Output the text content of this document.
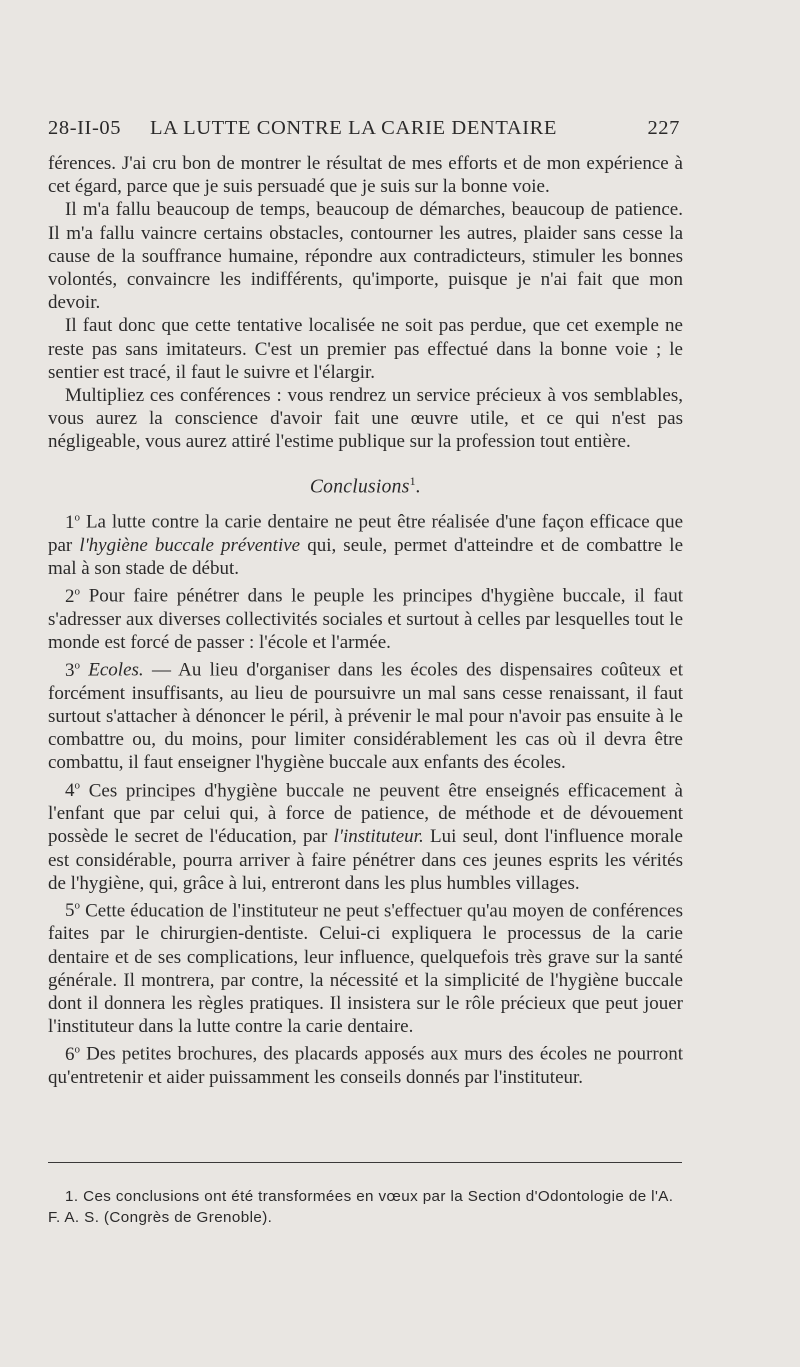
28-II-05 LA LUTTE CONTRE LA CARIE DENTAIRE	227

férences. J'ai cru bon de montrer le résultat de mes efforts et de mon expérience à cet égard, parce que je suis persuadé que je suis sur la bonne voie.

Il m'a fallu beaucoup de temps, beaucoup de démarches, beaucoup de patience. Il m'a fallu vaincre certains obstacles, contourner les autres, plaider sans cesse la cause de la souffrance humaine, répondre aux contradicteurs, stimuler les bonnes volontés, convaincre les indifférents, qu'importe, puisque je n'ai fait que mon devoir.

Il faut donc que cette tentative localisée ne soit pas perdue, que cet exemple ne reste pas sans imitateurs. C'est un premier pas effectué dans la bonne voie ; le sentier est tracé, il faut le suivre et l'élargir.

Multipliez ces conférences : vous rendrez un service précieux à vos semblables, vous aurez la conscience d'avoir fait une œuvre utile, et ce qui n'est pas négligeable, vous aurez attiré l'estime publique sur la profession tout entière.

Conclusions$^1$.

1$^o$ La lutte contre la carie dentaire ne peut être réalisée d'une façon efficace que par l'hygiène buccale préventive qui, seule, permet d'atteindre et de combattre le mal à son stade de début.

2$^o$ Pour faire pénétrer dans le peuple les principes d'hygiène buccale, il faut s'adresser aux diverses collectivités sociales et surtout à celles par lesquelles tout le monde est forcé de passer : l'école et l'armée.

3$^o$ Ecoles. — Au lieu d'organiser dans les écoles des dispensaires coûteux et forcément insuffisants, au lieu de poursuivre un mal sans cesse renaissant, il faut surtout s'attacher à dénoncer le péril, à prévenir le mal pour n'avoir pas ensuite à le combattre ou, du moins, pour limiter considérablement les cas où il devra être combattu, il faut enseigner l'hygiène buccale aux enfants des écoles.

4$^o$ Ces principes d'hygiène buccale ne peuvent être enseignés efficacement à l'enfant que par celui qui, à force de patience, de méthode et de dévouement possède le secret de l'éducation, par l'instituteur. Lui seul, dont l'influence morale est considérable, pourra arriver à faire pénétrer dans ces jeunes esprits les vérités de l'hygiène, qui, grâce à lui, entreront dans les plus humbles villages.

5$^o$ Cette éducation de l'instituteur ne peut s'effectuer qu'au moyen de conférences faites par le chirurgien-dentiste. Celui-ci expliquera le processus de la carie dentaire et de ses complications, leur influence, quelquefois très grave sur la santé générale. Il montrera, par contre, la nécessité et la simplicité de l'hygiène buccale dont il donnera les règles pratiques. Il insistera sur le rôle précieux que peut jouer l'instituteur dans la lutte contre la carie dentaire.

6$^o$ Des petites brochures, des placards apposés aux murs des écoles ne pourront qu'entretenir et aider puissamment les conseils donnés par l'instituteur.

1. Ces conclusions ont été transformées en vœux par la Section d'Odontologie de l'A. F. A. S. (Congrès de Grenoble).
